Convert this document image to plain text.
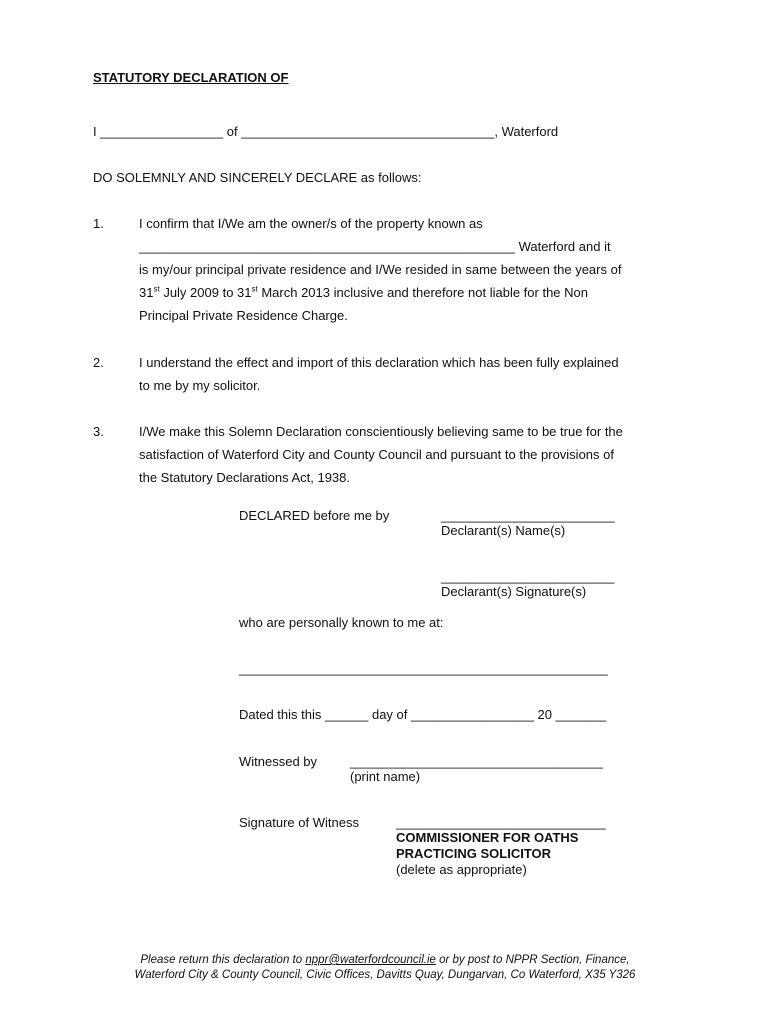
STATUTORY DECLARATION OF
I _________________ of ___________________________________, Waterford
DO SOLEMNLY AND SINCERELY DECLARE as follows:
1.	I confirm that I/We am the owner/s of the property known as
____________________________________________________ Waterford and it
is my/our principal private residence and I/We resided in same between the years of
31st July 2009 to 31st March 2013 inclusive and therefore not liable for the Non
Principal Private Residence Charge.
2.	I understand the effect and import of this declaration which has been fully explained
to me by my solicitor.
3.	I/We make this Solemn Declaration conscientiously believing same to be true for the
satisfaction of Waterford City and County Council and pursuant to the provisions of
the Statutory Declarations Act, 1938.
DECLARED before me by	________________________
Declarant(s) Name(s)
________________________
Declarant(s) Signature(s)
who are personally known to me at:
___________________________________________________
Dated this this ______ day of _________________ 20 _______
Witnessed by	___________________________________
(print name)
Signature of Witness	_____________________________
COMMISSIONER FOR OATHS
PRACTICING SOLICITOR
(delete as appropriate)
Please return this declaration to nppr@waterfordcouncil.ie or by post to NPPR Section, Finance,
Waterford City & County Council, Civic Offices, Davitts Quay, Dungarvan, Co Waterford, X35 Y326
